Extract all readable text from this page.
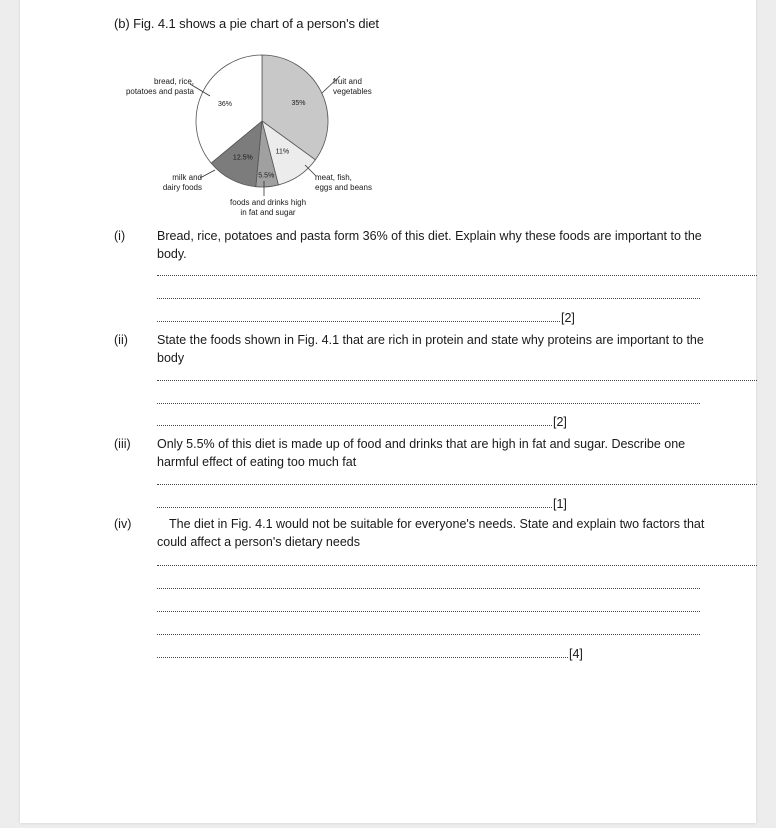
(b) Fig. 4.1 shows a pie chart of a person's diet
35%
11%
5.5%
12.5%
36%
fruit and
vegetables
meat, fish,
eggs and beans
foods and drinks high
in fat and sugar
milk and
dairy foods
bread, rice,
potatoes and pasta
(i)	Bread, rice, potatoes and pasta form 36% of this diet. Explain why these foods are important to the body.
[2]
(ii) State the foods shown in Fig. 4.1 that are rich in protein and state why proteins are important to the body
[2]
(iii) Only 5.5% of this diet is made up of food and drinks that are high in fat and sugar. Describe one harmful effect of eating too much fat
[1]
(iv)	The diet in Fig. 4.1 would not be suitable for everyone's needs. State and explain two factors that could affect a person's dietary needs
[4]
